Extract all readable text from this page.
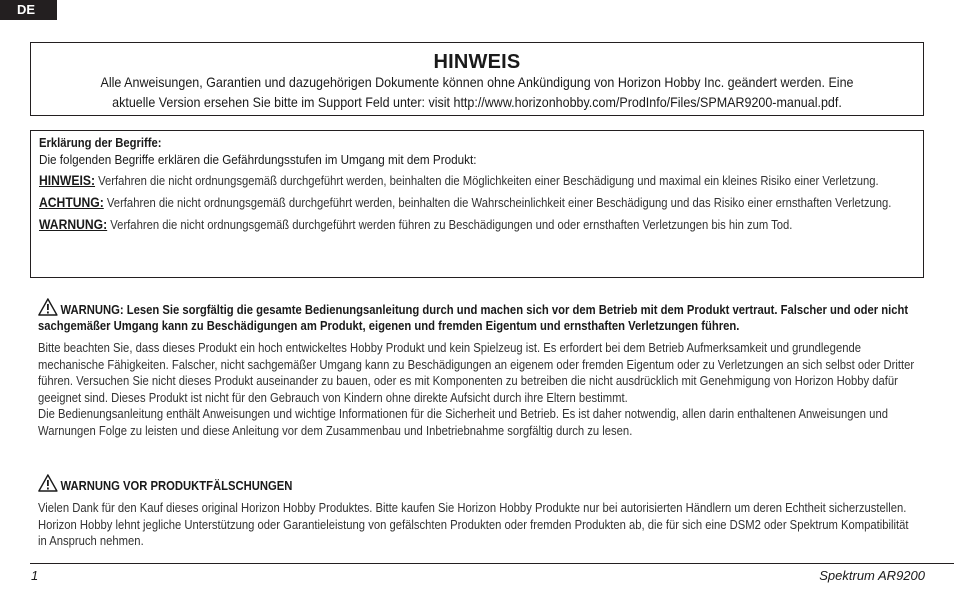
DE
HINWEIS
Alle Anweisungen, Garantien und dazugehörigen Dokumente können ohne Ankündigung von Horizon Hobby Inc. geändert werden. Eine aktuelle Version ersehen Sie bitte im Support Feld unter: visit http://www.horizonhobby.com/ProdInfo/Files/SPMAR9200-manual.pdf.
Erklärung der Begriffe:
Die folgenden Begriffe erklären die Gefährdungsstufen im Umgang mit dem Produkt:
HINWEIS: Verfahren die nicht ordnungsgemäß durchgeführt werden, beinhalten die Möglichkeiten einer Beschädigung und maximal ein kleines Risiko einer Verletzung.
ACHTUNG: Verfahren die nicht ordnungsgemäß durchgeführt werden, beinhalten die Wahrscheinlichkeit einer Beschädigung und das Risiko einer ernsthaften Verletzung.
WARNUNG: Verfahren die nicht ordnungsgemäß durchgeführt werden führen zu Beschädigungen und oder ernsthaften Verletzungen bis hin zum Tod.
WARNUNG: Lesen Sie sorgfältig die gesamte Bedienungsanleitung durch und machen sich vor dem Betrieb mit dem Produkt vertraut. Falscher und oder nicht sachgemäßer Umgang kann zu Beschädigungen am Produkt, eigenen und fremden Eigentum und ernsthaften Verletzungen führen.
Bitte beachten Sie, dass dieses Produkt ein hoch entwickeltes Hobby Produkt und kein Spielzeug ist. Es erfordert bei dem Betrieb Aufmerksamkeit und grundlegende mechanische Fähigkeiten. Falscher, nicht sachgemäßer Umgang kann zu Beschädigungen an eigenem oder fremden Eigentum oder zu Verletzungen an sich selbst oder Dritter führen. Versuchen Sie nicht dieses Produkt auseinander zu bauen, oder es mit Komponenten zu betreiben die nicht ausdrücklich mit Genehmigung von Horizon Hobby dafür geeignet sind. Dieses Produkt ist nicht für den Gebrauch von Kindern ohne direkte Aufsicht durch ihre Eltern bestimmt.
Die Bedienungsanleitung enthält Anweisungen und wichtige Informationen für die Sicherheit und Betrieb. Es ist daher notwendig, allen darin enthaltenen Anweisungen und Warnungen Folge zu leisten und diese Anleitung vor dem Zusammenbau und Inbetriebnahme sorgfältig durch zu lesen.
WARNUNG VOR PRODUKTFÄLSCHUNGEN
Vielen Dank für den Kauf dieses original Horizon Hobby Produktes. Bitte kaufen Sie Horizon Hobby Produkte nur bei autorisierten Händlern um deren Echtheit sicherzustellen. Horizon Hobby lehnt jegliche Unterstützung oder Garantieleistung von gefälschten Produkten oder fremden Produkten ab, die für sich eine DSM2 oder Spektrum Kompatibilität in Anspruch nehmen.
1	Spektrum AR9200
